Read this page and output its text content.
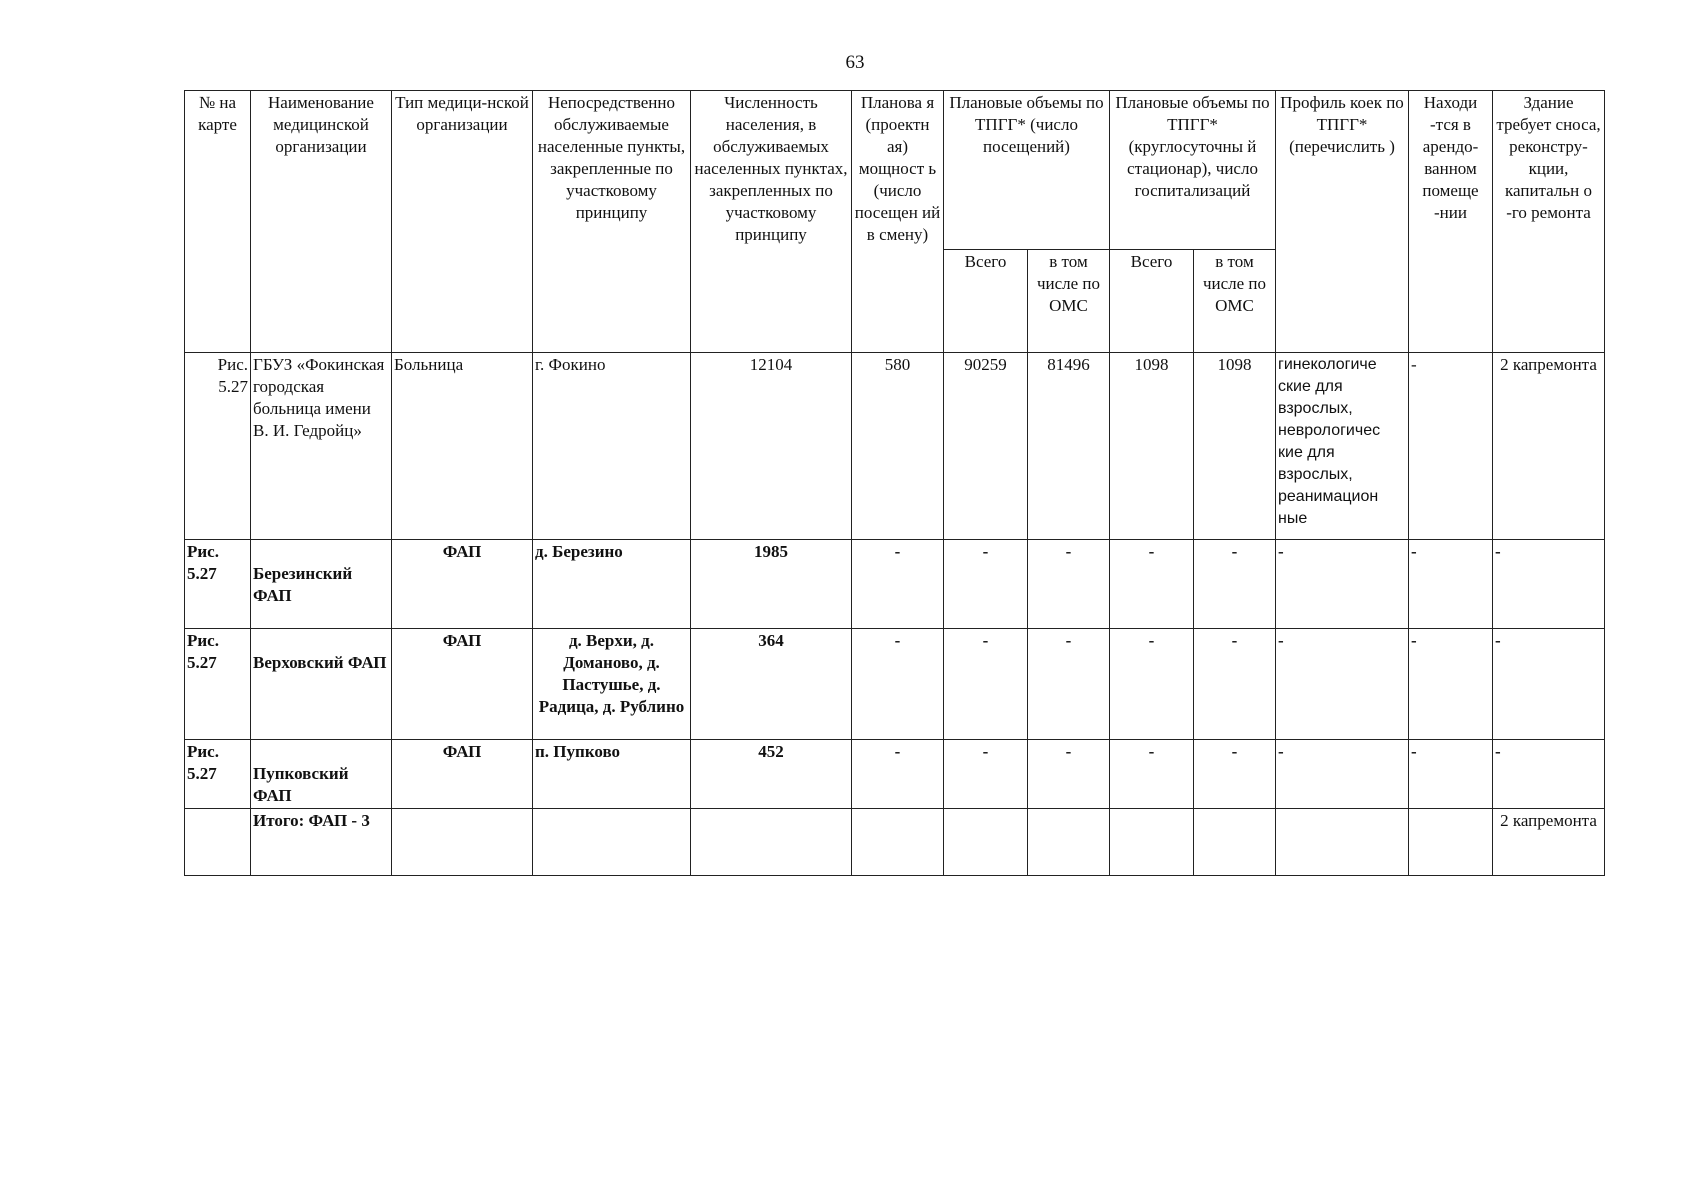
63
№ на карте	Наименование медицинской организации	Тип медици-нской организации	Непосредственно обслуживаемые населенные пункты, закрепленные по участковому принципу	Численность населения, в обслуживаемых населенных пунктах, закрепленных по участковому принципу	Планова я (проектн ая) мощност ь (число посещен ий в смену)	Плановые объемы по ТПГГ* (число посещений)		Плановые объемы по ТПГГ* (круглосуточны й стационар), число госпитализаций		Профиль коек по ТПГГ* (перечислить )	Находи -тся в арендо-ванном помеще -нии	Здание требует сноса, реконстру-кции, капитальн о -го ремонта
						Всего	в том числе по ОМС	Всего	в том числе по ОМС			
Рис. 5.27	ГБУЗ «Фокинская городская больница имени В. И. Гедройц»	Больница	г. Фокино	12104	580	90259	81496	1098	1098	гинекологиче ские для взрослых, неврологичес кие для взрослых, реанимацион ные	-	2 капремонта
Рис. 5.27	Березинский ФАП	ФАП	д. Березино	1985	-	-	-	-	-	-	-	-
Рис. 5.27	Верховский ФАП	ФАП	д. Верхи, д. Доманово, д. Пастушье, д. Радица, д. Рублино	364	-	-	-	-	-	-	-	-
Рис. 5.27	Пупковский ФАП	ФАП	п. Пупково	452	-	-	-	-	-	-	-	-
	Итого: ФАП - 3											2 капремонта
